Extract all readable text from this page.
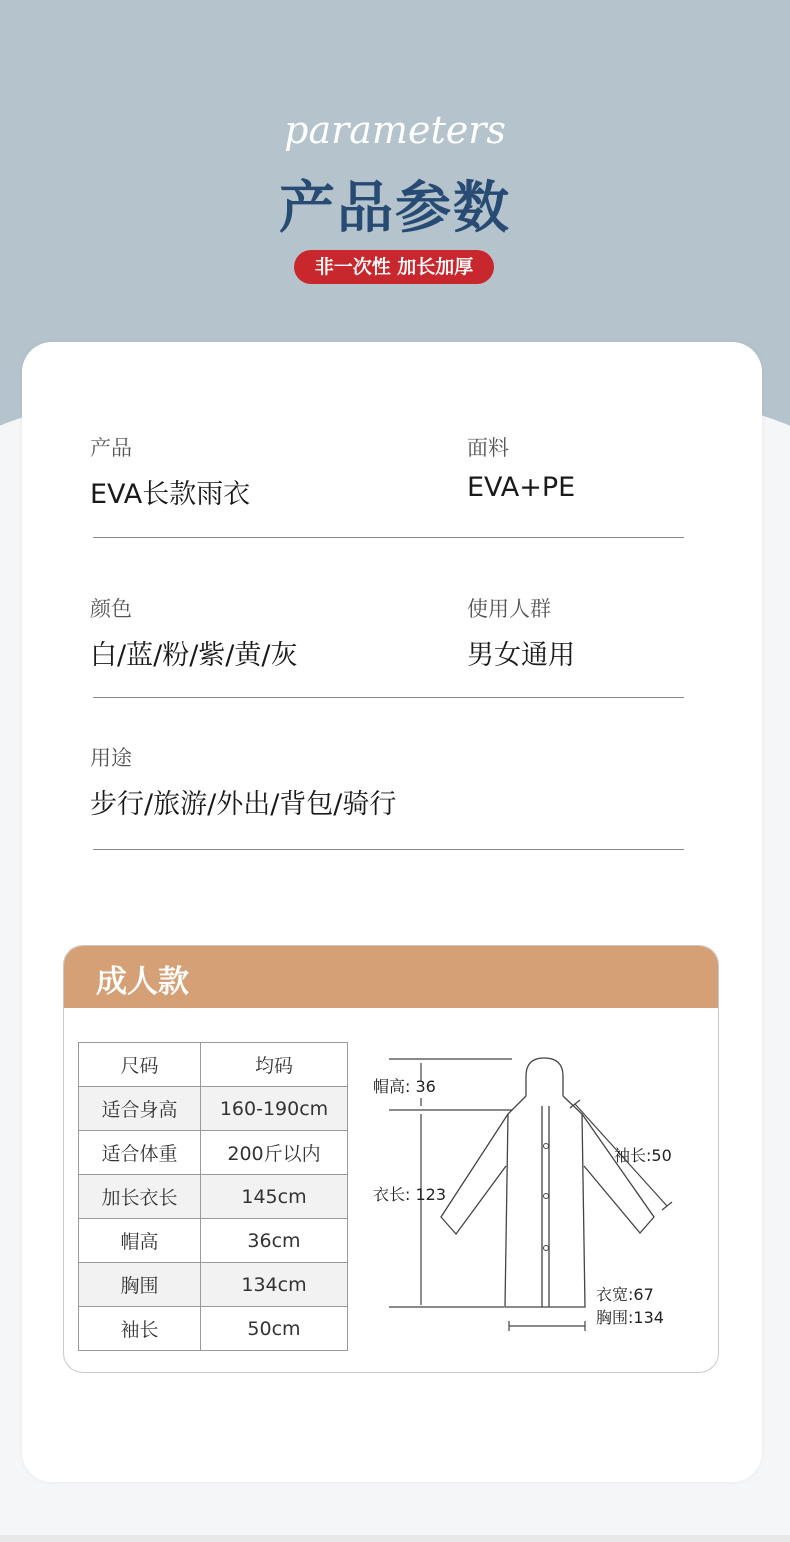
parameters
产品参数
非一次性 加长加厚
产品
EVA长款雨衣
面料
EVA+PE
颜色
白/蓝/粉/紫/黄/灰
使用人群
男女通用
用途
步行/旅游/外出/背包/骑行
成人款
尺码	均码
适合身高	160-190cm
适合体重	200斤以内
加长衣长	145cm
帽高	36cm
胸围	134cm
袖长	50cm
帽高: 36
袖长:50
衣长: 123
衣宽:67
胸围:134
